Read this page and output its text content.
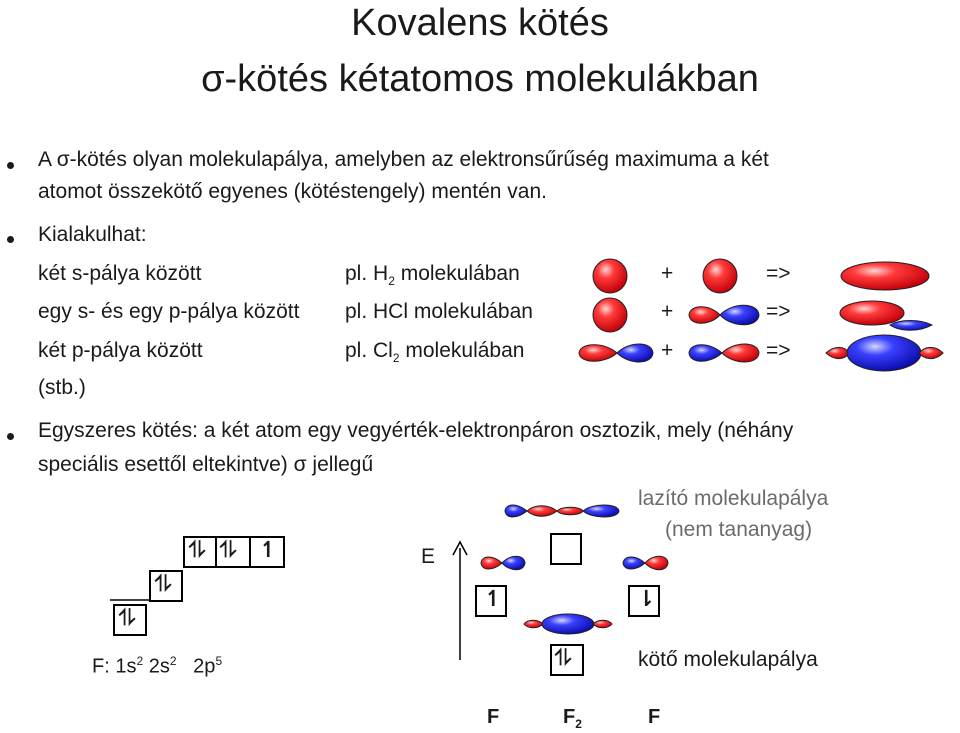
Kovalens kötés
σ-kötés kétatomos molekulákban
A σ-kötés olyan molekulapálya, amelyben az elektronsűrűség maximuma a két
atomot összekötő egyenes (kötéstengely) mentén van.
Kialakulhat:
két s-pálya között	pl. $H_2$ molekulában	+	=>
egy s- és egy p-pálya között pl. HCl molekulában	+	=>
két p-pálya között	pl. $Cl_2$ molekulában	+	=>
(stb.)
Egyszeres kötés: a két atom egy vegyérték-elektronpáron osztozik, mely (néhány
speciális esettől eltekintve) σ jellegű
⥮
⥮
⥮ ⥮ ↿
F: $1s^2$ $2s^2$   $2p^5$
↿	⇂
⥮
E
lazító molekulapálya
(nem tananyag)
kötő molekulapálya
F	$F_2$	F
